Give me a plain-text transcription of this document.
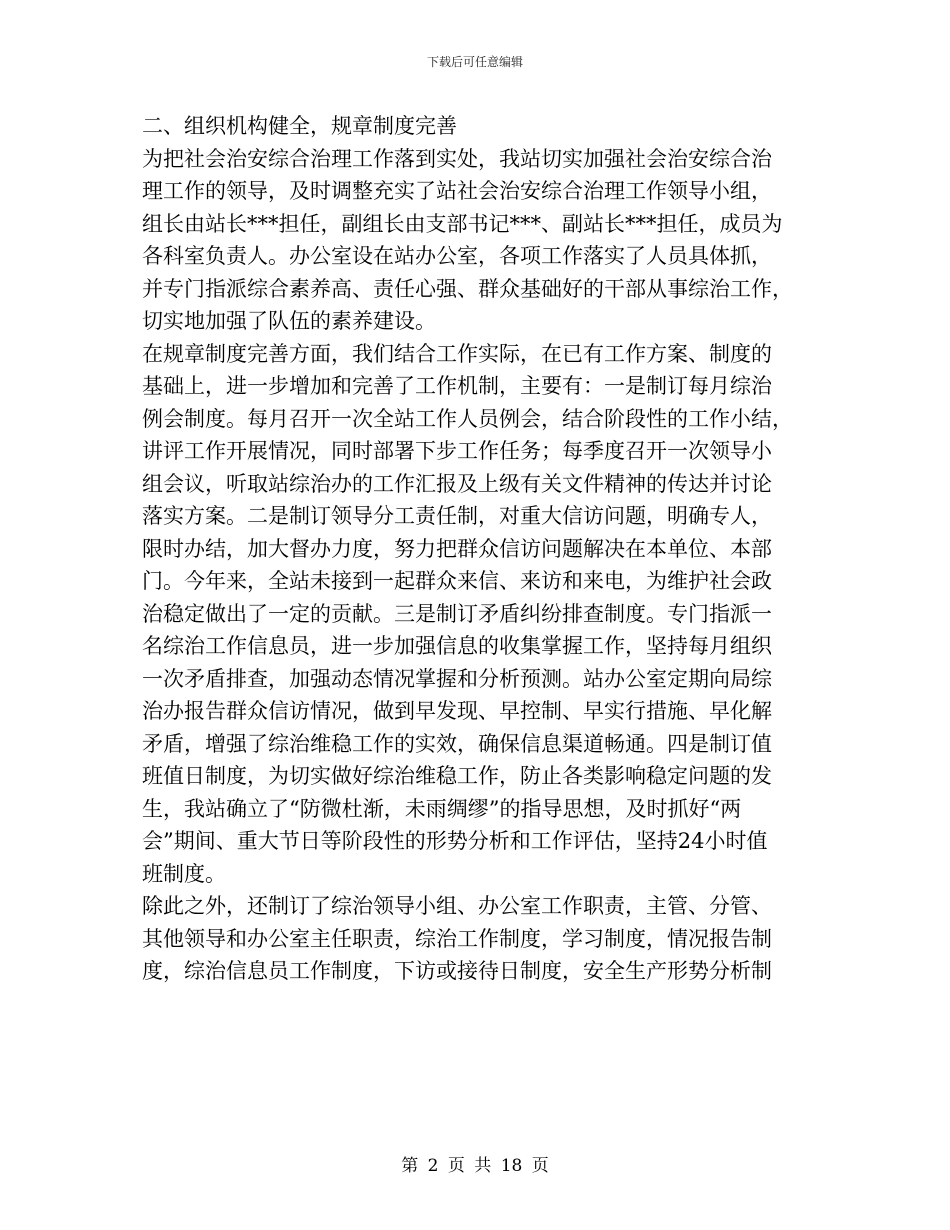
下载后可任意编辑
二、组织机构健全，规章制度完善
为把社会治安综合治理工作落到实处，我站切实加强社会治安综合治
理工作的领导，及时调整充实了站社会治安综合治理工作领导小组，
组长由站长***担任，副组长由支部书记***、副站长***担任，成员为
各科室负责人。办公室设在站办公室，各项工作落实了人员具体抓，
并专门指派综合素养高、责任心强、群众基础好的干部从事综治工作，
切实地加强了队伍的素养建设。
在规章制度完善方面，我们结合工作实际，在已有工作方案、制度的
基础上，进一步增加和完善了工作机制，主要有：一是制订每月综治
例会制度。每月召开一次全站工作人员例会，结合阶段性的工作小结，
讲评工作开展情况，同时部署下步工作任务；每季度召开一次领导小
组会议，听取站综治办的工作汇报及上级有关文件精神的传达并讨论
落实方案。二是制订领导分工责任制，对重大信访问题，明确专人，
限时办结，加大督办力度，努力把群众信访问题解决在本单位、本部
门。今年来，全站未接到一起群众来信、来访和来电，为维护社会政
治稳定做出了一定的贡献。三是制订矛盾纠纷排查制度。专门指派一
名综治工作信息员，进一步加强信息的收集掌握工作，坚持每月组织
一次矛盾排查，加强动态情况掌握和分析预测。站办公室定期向局综
治办报告群众信访情况，做到早发现、早控制、早实行措施、早化解
矛盾，增强了综治维稳工作的实效，确保信息渠道畅通。四是制订值
班值日制度，为切实做好综治维稳工作，防止各类影响稳定问题的发
生，我站确立了“防微杜渐，未雨绸缪”的指导思想，及时抓好“两
会”期间、重大节日等阶段性的形势分析和工作评估，坚持24小时值
班制度。
除此之外，还制订了综治领导小组、办公室工作职责，主管、分管、
其他领导和办公室主任职责，综治工作制度，学习制度，情况报告制
度，综治信息员工作制度，下访或接待日制度，安全生产形势分析制
第 2 页 共 18 页
